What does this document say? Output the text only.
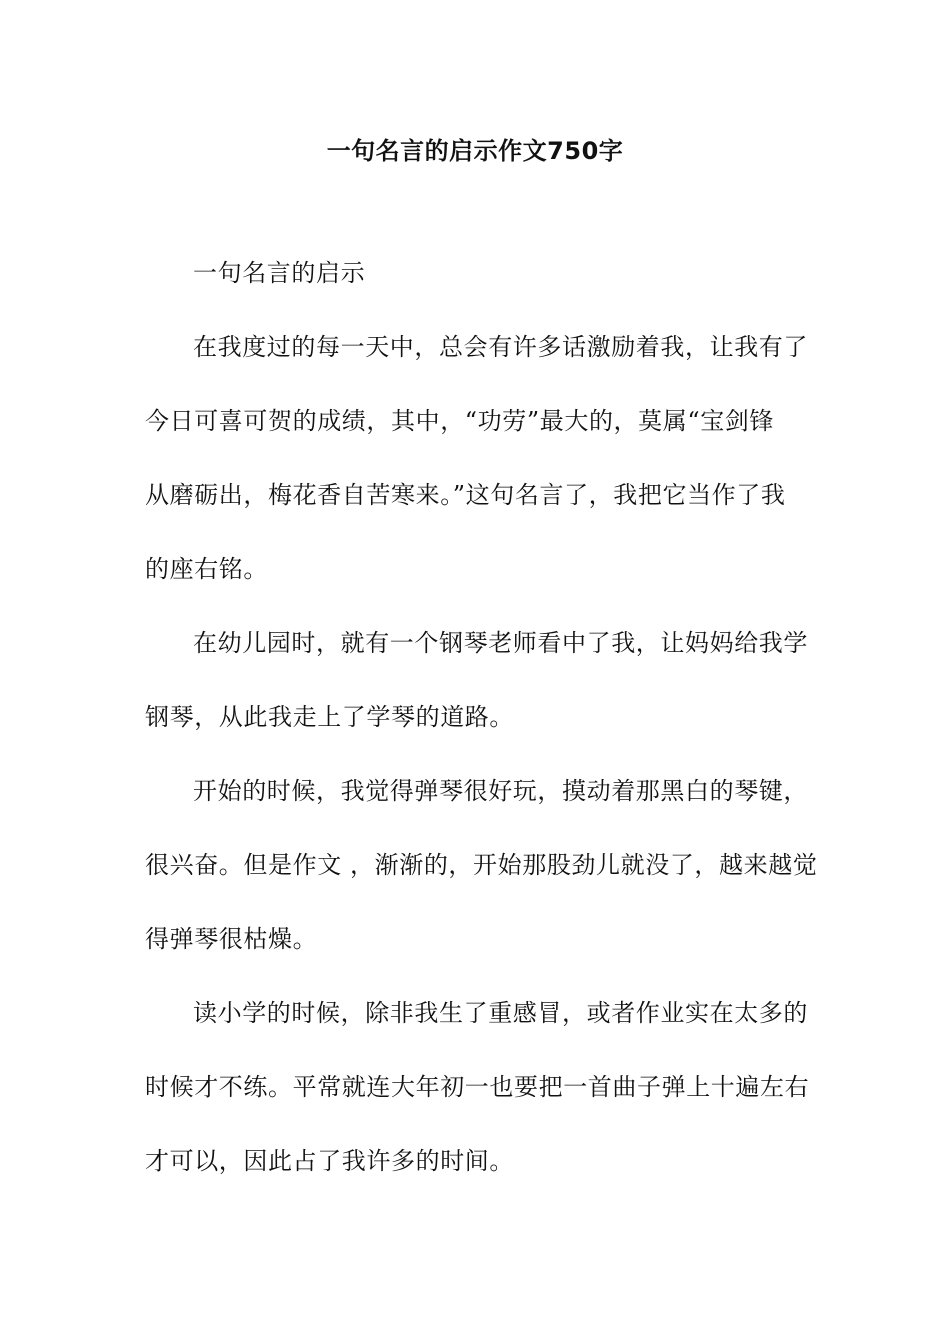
一句名言的启示作文750字
一句名言的启示
在我度过的每一天中，总会有许多话激励着我，让我有了
今日可喜可贺的成绩，其中，“功劳”最大的，莫属“宝剑锋
从磨砺出，梅花香自苦寒来。”这句名言了，我把它当作了我
的座右铭。
在幼儿园时，就有一个钢琴老师看中了我，让妈妈给我学
钢琴，从此我走上了学琴的道路。
开始的时候，我觉得弹琴很好玩，摸动着那黑白的琴键，
很兴奋。但是作文 ，渐渐的，开始那股劲儿就没了，越来越觉
得弹琴很枯燥。
读小学的时候，除非我生了重感冒，或者作业实在太多的
时候才不练。平常就连大年初一也要把一首曲子弹上十遍左右
才可以，因此占了我许多的时间。
